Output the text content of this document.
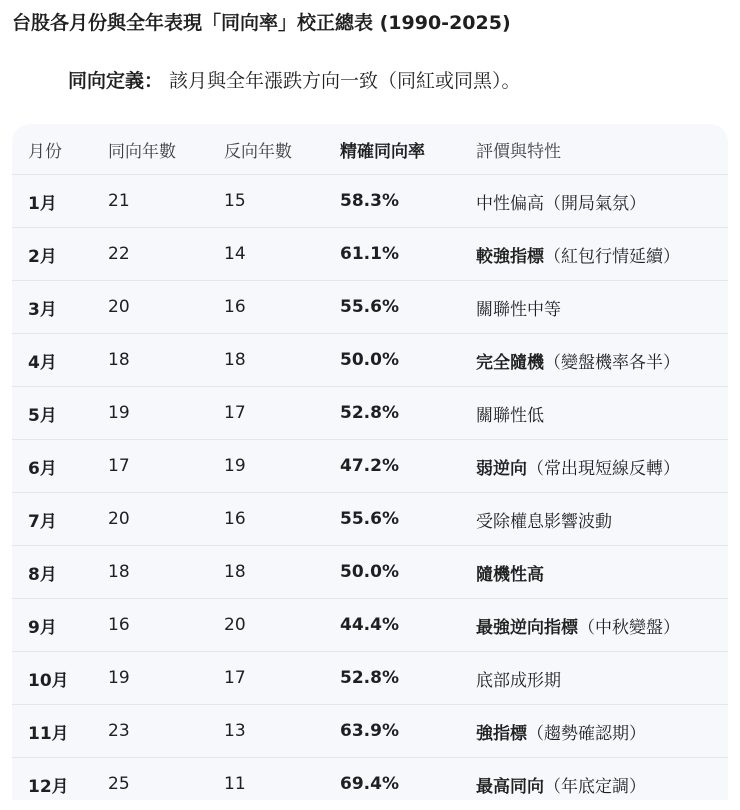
台股各月份與全年表現「同向率」校正總表 (1990-2025)
同向定義： 該月與全年漲跌方向一致（同紅或同黑）。
月份	同向年數	反向年數	精確同向率	評價與特性
1月	21	15	58.3%	中性偏高（開局氣氛）
2月	22	14	61.1%	較強指標（紅包行情延續）
3月	20	16	55.6%	關聯性中等
4月	18	18	50.0%	完全隨機（變盤機率各半）
5月	19	17	52.8%	關聯性低
6月	17	19	47.2%	弱逆向（常出現短線反轉）
7月	20	16	55.6%	受除權息影響波動
8月	18	18	50.0%	隨機性高
9月	16	20	44.4%	最強逆向指標（中秋變盤）
10月	19	17	52.8%	底部成形期
11月	23	13	63.9%	強指標（趨勢確認期）
12月	25	11	69.4%	最高同向（年底定調）
